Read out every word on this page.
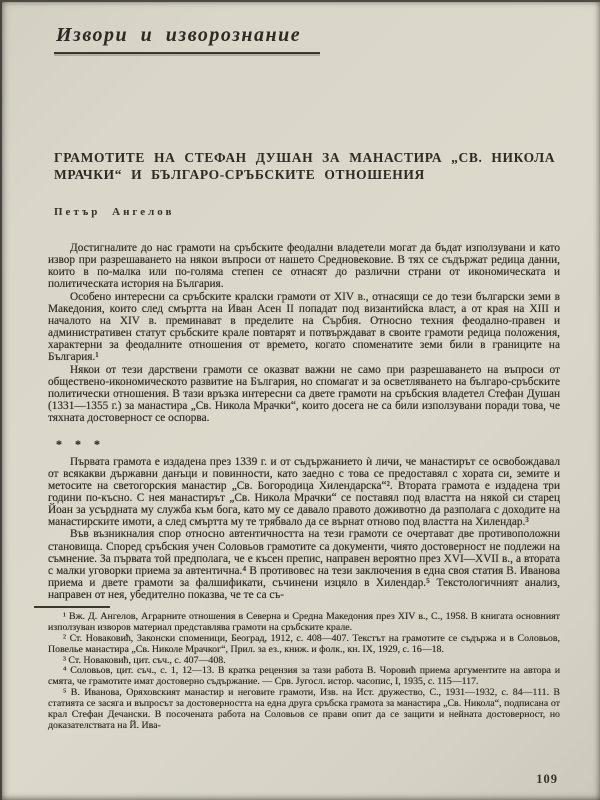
Извори и изворознание
ГРАМОТИТЕ НА СТЕФАН ДУШАН ЗА МАНАСТИРА „СВ. НИКОЛА МРАЧКИ“ И БЪЛГАРО-СРЪБСКИТЕ ОТНОШЕНИЯ
Петър Ангелов

Достигналите до нас грамоти на сръбските феодални владетели могат да бъдат използувани и като извор при разрешаването на някои въпроси от нашето Средновековие. В тях се съдържат редица данни, които в по-малка или по-голяма степен се отнасят до различни страни от икономическата и политическата история на България.

Особено интересни са сръбските кралски грамоти от XIV в., отнасящи се до тези български земи в Македония, които след смъртта на Иван Асен II попадат под византийска власт, а от края на XIII и началото на XIV в. преминават в пределите на Сърбия. Относно техния феодално-правен и административен статут сръбските крале повтарят и потвърждават в своите грамоти редица положения, характерни за феодалните отношения от времето, когато споменатите земи били в границите на България.¹

Някои от тези дарствени грамоти се оказват важни не само при разрешаването на въпроси от обществено-икономическото развитие на България, но спомагат и за осветляването на българо-сръбските политически отношения. В тази връзка интересни са двете грамоти на сръбския владетел Стефан Душан (1331—1355 г.) за манастира „Св. Никола Мрачки“, които досега не са били използувани поради това, че тяхната достоверност се оспорва.

* * *

Първата грамота е издадена през 1339 г. и от съдържанието ѝ личи, че манастирът се освобождавал от всякакви държавни данъци и повинности, като заедно с това се предоставял с хората си, земите и метосите на светогорския манастир „Св. Богородица Хилендарска“². Втората грамота е издадена три години по-късно. С нея манастирът „Св. Никола Мрачки“ се поставял под властта на някой си старец Йоан за усърдната му служба към бога, като му се давало правото доживотно да разполага с доходите на манастирските имоти, а след смъртта му те трябвало да се върнат отново под властта на Хилендар.³

Във възникналия спор относно автентичността на тези грамоти се очертават две противоположни становища. Според сръбския учен Соловьов грамотите са документи, чиято достоверност не подлежи на съмнение. За първата той предполага, че е късен препис, направен вероятно през XVI—XVII в., а втората с малки уговорки приема за автентична.⁴ В противовес на тези заключения в една своя статия В. Иванова приема и двете грамоти за фалшификати, съчинени изцяло в Хилендар.⁵ Текстологичният анализ, направен от нея, убедително показва, че те са съ-

¹ Вж. Д. Ангелов, Аграрните отношения в Северна и Средна Македония през XIV в., С., 1958. В книгата основният използуван изворов материал представлява грамоти на сръбските крале.

² Ст. Новаковић, Законски споменици, Београд, 1912, с. 408—407. Текстът на грамотите се съдържа и в Соловьов, Повелье манастира „Св. Николе Мрачког“, Прил. за ез., книж. и фолк., кн. IX, 1929, с. 16—18.

³ Ст. Новаковић, цит. съч., с. 407—408.

⁴ Соловьов, цит. съч., с. 1, 12—13. В кратка рецензия за тази работа В. Чоровић приема аргументите на автора и смята, че грамотите имат достоверно съдържание. — Срв. Југосл. истор. часопис, I, 1935, с. 115—117.

⁵ В. Иванова, Оряховският манастир и неговите грамоти, Изв. на Ист. дружество, С., 1931—1932, с. 84—111. В статията се засяга и въпросът за достоверността на една друга сръбска грамота за манастира „Св. Никола“, подписана от крал Стефан Дечански. В посочената работа на Соловьов се прави опит да се защити и нейната достоверност, но доказателствата на Й. Ива-

109
